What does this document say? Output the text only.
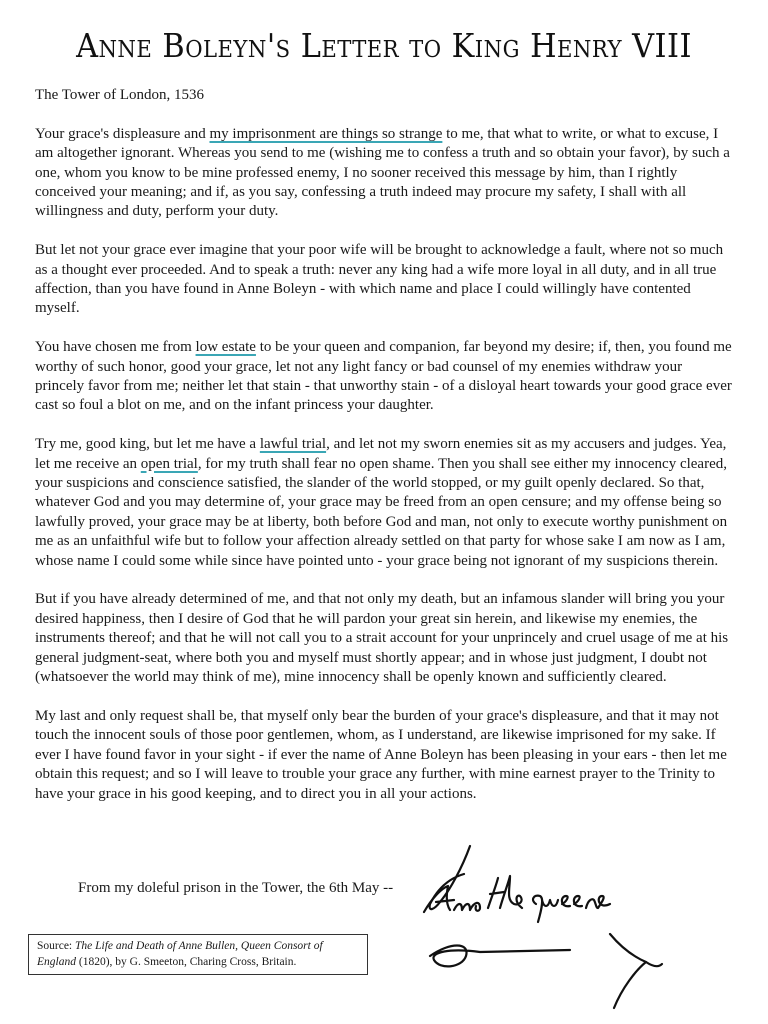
Anne Boleyn's Letter to King Henry VIII

The Tower of London, 1536

Your grace's displeasure and my imprisonment are things so strange to me, that what to write, or what to excuse, I am altogether ignorant. Whereas you send to me (wishing me to confess a truth and so obtain your favor), by such a one, whom you know to be mine professed enemy, I no sooner received this message by him, than I rightly conceived your meaning; and if, as you say, confessing a truth indeed may procure my safety, I shall with all willingness and duty, perform your duty.

But let not your grace ever imagine that your poor wife will be brought to acknowledge a fault, where not so much as a thought ever proceeded. And to speak a truth: never any king had a wife more loyal in all duty, and in all true affection, than you have found in Anne Boleyn - with which name and place I could willingly have contented myself.

You have chosen me from low estate to be your queen and companion, far beyond my desire; if, then, you found me worthy of such honor, good your grace, let not any light fancy or bad counsel of my enemies withdraw your princely favor from me; neither let that stain - that unworthy stain - of a disloyal heart towards your good grace ever cast so foul a blot on me, and on the infant princess your daughter.

Try me, good king, but let me have a lawful trial, and let not my sworn enemies sit as my accusers and judges. Yea, let me receive an open trial, for my truth shall fear no open shame. Then you shall see either my innocency cleared, your suspicions and conscience satisfied, the slander of the world stopped, or my guilt openly declared. So that, whatever God and you may determine of, your grace may be freed from an open censure; and my offense being so lawfully proved, your grace may be at liberty, both before God and man, not only to execute worthy punishment on me as an unfaithful wife but to follow your affection already settled on that party for whose sake I am now as I am, whose name I could some while since have pointed unto - your grace being not ignorant of my suspicions therein.

But if you have already determined of me, and that not only my death, but an infamous slander will bring you your desired happiness, then I desire of God that he will pardon your great sin herein, and likewise my enemies, the instruments thereof; and that he will not call you to a strait account for your unprincely and cruel usage of me at his general judgment-seat, where both you and myself must shortly appear; and in whose just judgment, I doubt not (whatsoever the world may think of me), mine innocency shall be openly known and sufficiently cleared.

My last and only request shall be, that myself only bear the burden of your grace's displeasure, and that it may not touch the innocent souls of those poor gentlemen, whom, as I understand, are likewise imprisoned for my sake. If ever I have found favor in your sight - if ever the name of Anne Boleyn has been pleasing in your ears - then let me obtain this request; and so I will leave to trouble your grace any further, with mine earnest prayer to the Trinity to have your grace in his good keeping, and to direct you in all your actions.

From my doleful prison in the Tower, the 6th May --
Source: The Life and Death of Anne Bullen, Queen Consort of England (1820), by G. Smeeton, Charing Cross, Britain.
